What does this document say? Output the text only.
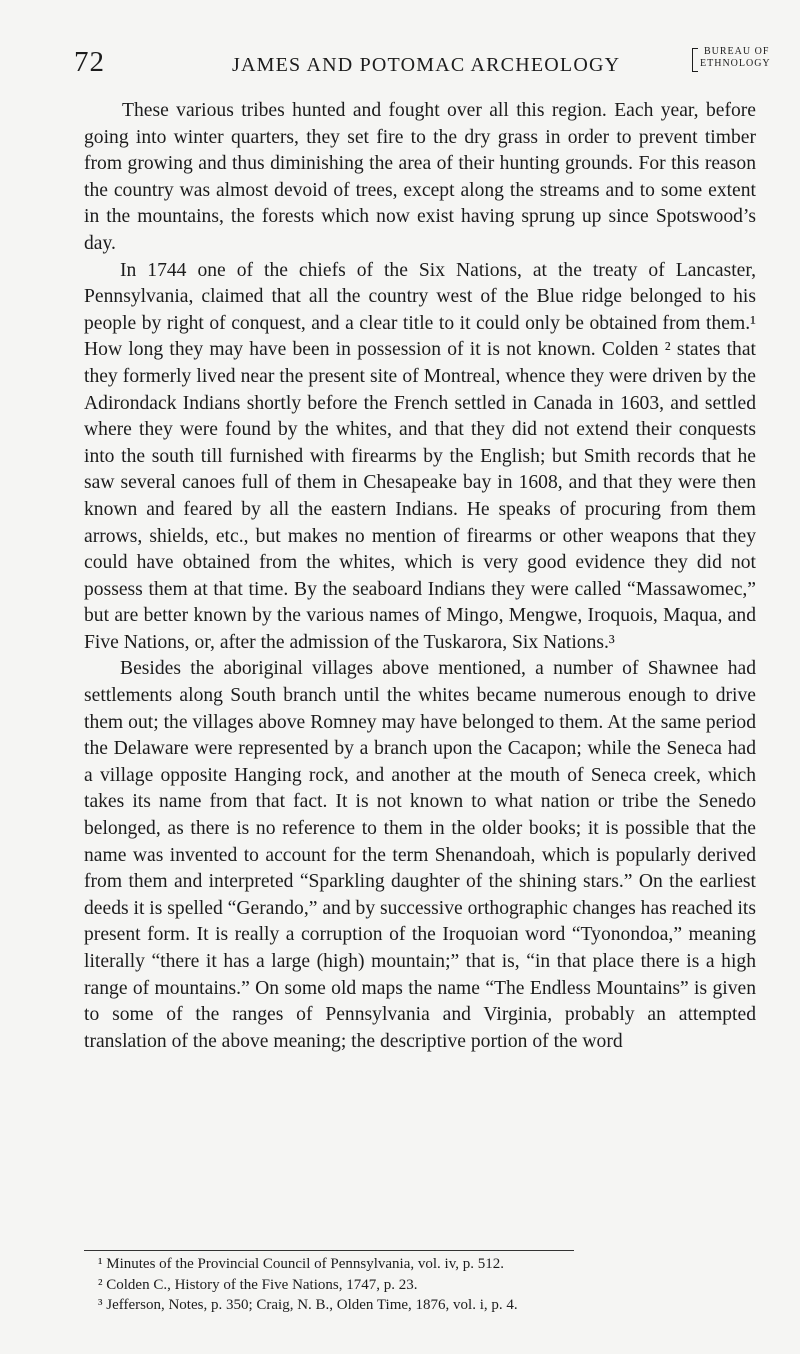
72	JAMES AND POTOMAC ARCHEOLOGY
BUREAU OF
ETHNOLOGY

These various tribes hunted and fought over all this region. Each year, before going into winter quarters, they set fire to the dry grass in order to prevent timber from growing and thus diminishing the area of their hunting grounds. For this reason the country was almost devoid of trees, except along the streams and to some extent in the mountains, the forests which now exist having sprung up since Spotswood’s day.

In 1744 one of the chiefs of the Six Nations, at the treaty of Lancaster, Pennsylvania, claimed that all the country west of the Blue ridge belonged to his people by right of conquest, and a clear title to it could only be obtained from them.¹ How long they may have been in possession of it is not known. Colden ² states that they formerly lived near the present site of Montreal, whence they were driven by the Adirondack Indians shortly before the French settled in Canada in 1603, and settled where they were found by the whites, and that they did not extend their conquests into the south till furnished with firearms by the English; but Smith records that he saw several canoes full of them in Chesapeake bay in 1608, and that they were then known and feared by all the eastern Indians. He speaks of procuring from them arrows, shields, etc., but makes no mention of firearms or other weapons that they could have obtained from the whites, which is very good evidence they did not possess them at that time. By the seaboard Indians they were called “Massawomec,” but are better known by the various names of Mingo, Mengwe, Iroquois, Maqua, and Five Nations, or, after the admission of the Tuskarora, Six Nations.³

Besides the aboriginal villages above mentioned, a number of Shawnee had settlements along South branch until the whites became numerous enough to drive them out; the villages above Romney may have belonged to them. At the same period the Delaware were represented by a branch upon the Cacapon; while the Seneca had a village opposite Hanging rock, and another at the mouth of Seneca creek, which takes its name from that fact. It is not known to what nation or tribe the Senedo belonged, as there is no reference to them in the older books; it is possible that the name was invented to account for the term Shenandoah, which is popularly derived from them and interpreted “Sparkling daughter of the shining stars.” On the earliest deeds it is spelled “Gerando,” and by successive orthographic changes has reached its present form. It is really a corruption of the Iroquoian word “Tyonondoa,” meaning literally “there it has a large (high) mountain;” that is, “in that place there is a high range of mountains.” On some old maps the name “The Endless Mountains” is given to some of the ranges of Pennsylvania and Virginia, probably an attempted translation of the above meaning; the descriptive portion of the word

¹ Minutes of the Provincial Council of Pennsylvania, vol. iv, p. 512.

² Colden C., History of the Five Nations, 1747, p. 23.

³ Jefferson, Notes, p. 350; Craig, N. B., Olden Time, 1876, vol. i, p. 4.
